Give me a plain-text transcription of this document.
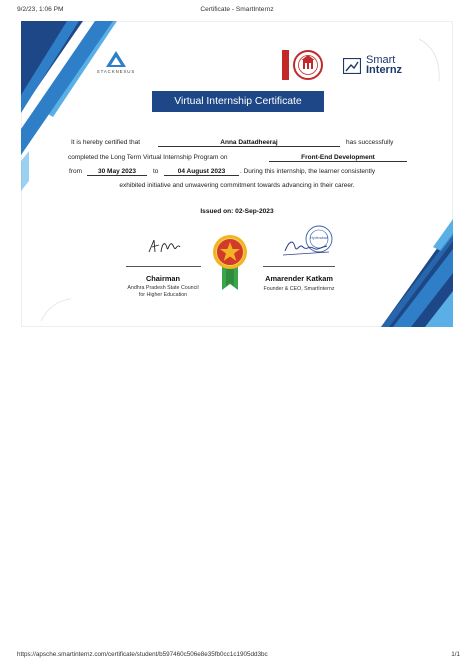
9/2/23, 1:06 PM	Certificate - SmartInternz
STACKNEXUS
Smart
Internz
Virtual Internship Certificate
It is hereby certified that	Anna Dattadheeraj	has successfully
completed the Long Term Virtual Internship Program on	Front-End Development
from	30 May 2023	to	04 August 2023	. During this internship, the learner consistently
exhibited initiative and unwavering commitment towards advancing in their career.
Issued on: 02-Sep-2023
Chairman
Andhra Pradesh State Council
for Higher Education
Hyderabad
Amarender Katkam
Founder & CEO, SmartInternz
https://apsche.smartinternz.com/certificate/student/b597460c506e8e35fb0cc1c1905dd3bc	1/1
